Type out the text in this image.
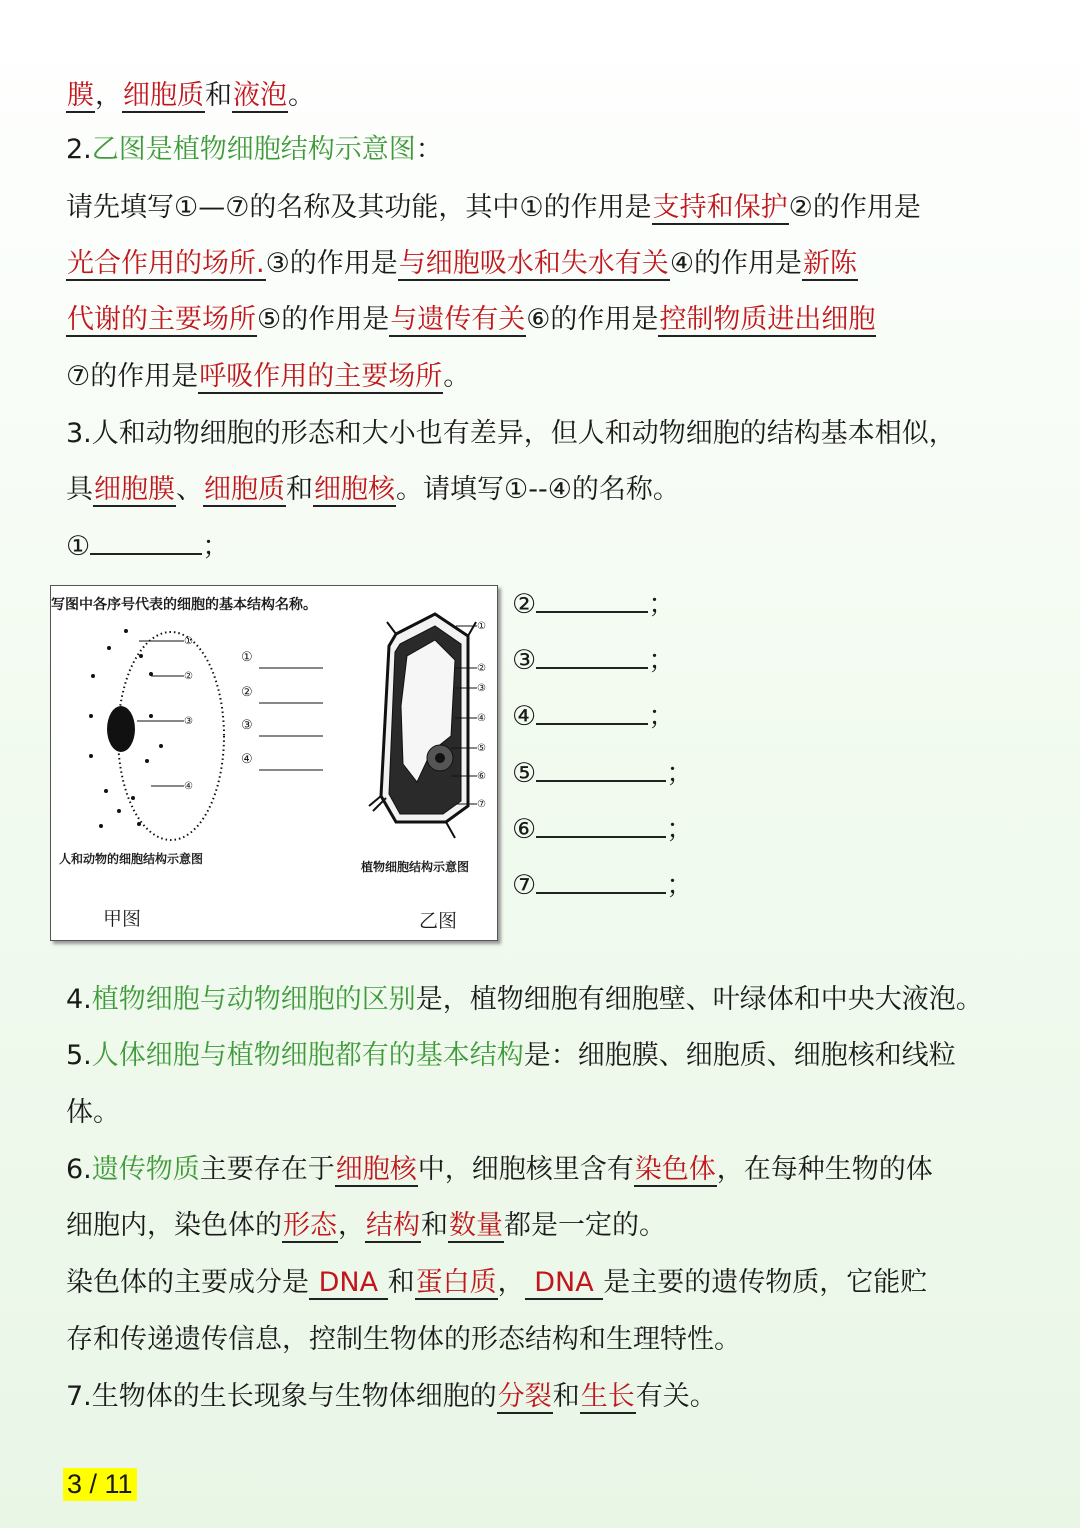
膜，细胞质和液泡。
2.乙图是植物细胞结构示意图：
请先填写①—⑦的名称及其功能，其中①的作用是支持和保护②的作用是
光合作用的场所.③的作用是与细胞吸水和失水有关④的作用是新陈
代谢的主要场所⑤的作用是与遗传有关⑥的作用是控制物质进出细胞
⑦的作用是呼吸作用的主要场所。
3.人和动物细胞的形态和大小也有差异，但人和动物细胞的结构基本相似，
具细胞膜、细胞质和细胞核。请填写①--④的名称。
①	；
写图中各序号代表的细胞的基本结构名称。
①
②
③
④
①
②
③
④
⑤
⑥
⑦
①
②
③
④
人和动物的细胞结构示意图
植物细胞结构示意图
甲图	乙图
②	；
③	；
④	；
⑤	；
⑥	；
⑦	；
4.植物细胞与动物细胞的区别是，植物细胞有细胞壁、叶绿体和中央大液泡。
5.人体细胞与植物细胞都有的基本结构是：细胞膜、细胞质、细胞核和线粒
体。
6.遗传物质主要存在于细胞核中，细胞核里含有染色体，在每种生物的体
细胞内，染色体的形态，结构和数量都是一定的。
染色体的主要成分是 DNA 和蛋白质， DNA 是主要的遗传物质，它能贮
存和传递遗传信息，控制生物体的形态结构和生理特性。
7.生物体的生长现象与生物体细胞的分裂和生长有关。
3 / 11
